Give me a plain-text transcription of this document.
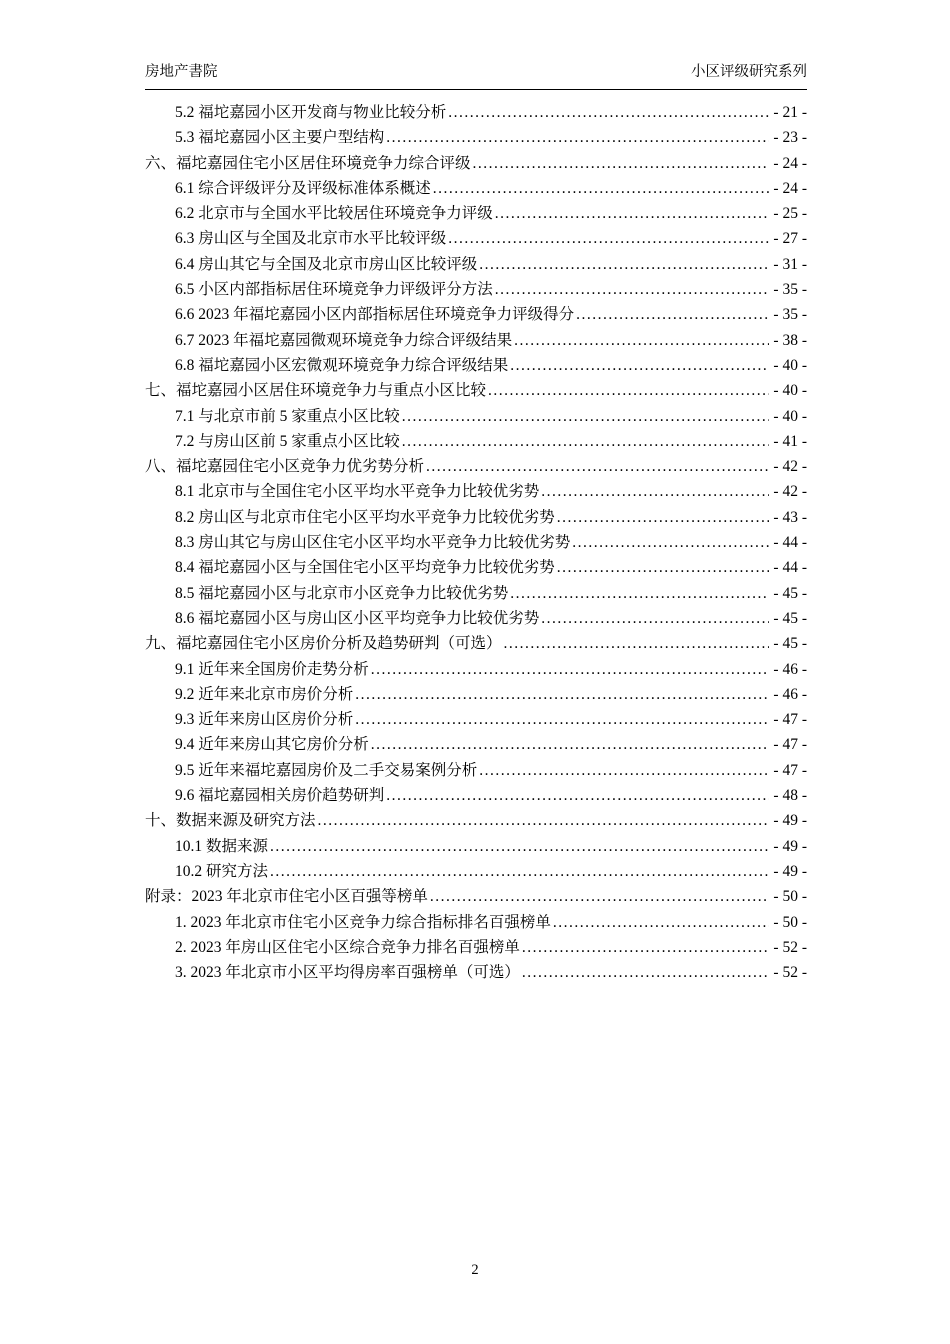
房地产書院	小区评级研究系列
5.2 福坨嘉园小区开发商与物业比较分析 .....	- 21 -
5.3 福坨嘉园小区主要户型结构 .....	- 23 -
六、福坨嘉园住宅小区居住环境竞争力综合评级 .....	- 24 -
6.1 综合评级评分及评级标准体系概述 .....	- 24 -
6.2 北京市与全国水平比较居住环境竞争力评级 .....	- 25 -
6.3 房山区与全国及北京市水平比较评级 .....	- 27 -
6.4 房山其它与全国及北京市房山区比较评级 .....	- 31 -
6.5 小区内部指标居住环境竞争力评级评分方法 .....	- 35 -
6.6 2023 年福坨嘉园小区内部指标居住环境竞争力评级得分 .....	- 35 -
6.7 2023 年福坨嘉园微观环境竞争力综合评级结果 .....	- 38 -
6.8 福坨嘉园小区宏微观环境竞争力综合评级结果 .....	- 40 -
七、福坨嘉园小区居住环境竞争力与重点小区比较 .....	- 40 -
7.1 与北京市前 5 家重点小区比较 .....	- 40 -
7.2 与房山区前 5 家重点小区比较 .....	- 41 -
八、福坨嘉园住宅小区竞争力优劣势分析 .....	- 42 -
8.1 北京市与全国住宅小区平均水平竞争力比较优劣势 .....	- 42 -
8.2 房山区与北京市住宅小区平均水平竞争力比较优劣势 .....	- 43 -
8.3 房山其它与房山区住宅小区平均水平竞争力比较优劣势 .....	- 44 -
8.4 福坨嘉园小区与全国住宅小区平均竞争力比较优劣势 .....	- 44 -
8.5 福坨嘉园小区与北京市小区竞争力比较优劣势 .....	- 45 -
8.6 福坨嘉园小区与房山区小区平均竞争力比较优劣势 .....	- 45 -
九、福坨嘉园住宅小区房价分析及趋势研判（可选） .....	- 45 -
9.1 近年来全国房价走势分析 .....	- 46 -
9.2 近年来北京市房价分析 .....	- 46 -
9.3 近年来房山区房价分析 .....	- 47 -
9.4 近年来房山其它房价分析 .....	- 47 -
9.5 近年来福坨嘉园房价及二手交易案例分析 .....	- 47 -
9.6 福坨嘉园相关房价趋势研判 .....	- 48 -
十、数据来源及研究方法 .....	- 49 -
10.1 数据来源 .....	- 49 -
10.2 研究方法 .....	- 49 -
附录：2023 年北京市住宅小区百强等榜单 .....	- 50 -
1. 2023 年北京市住宅小区竞争力综合指标排名百强榜单 .....	- 50 -
2. 2023 年房山区住宅小区综合竞争力排名百强榜单 .....	- 52 -
3. 2023 年北京市小区平均得房率百强榜单（可选） .....	- 52 -
2
